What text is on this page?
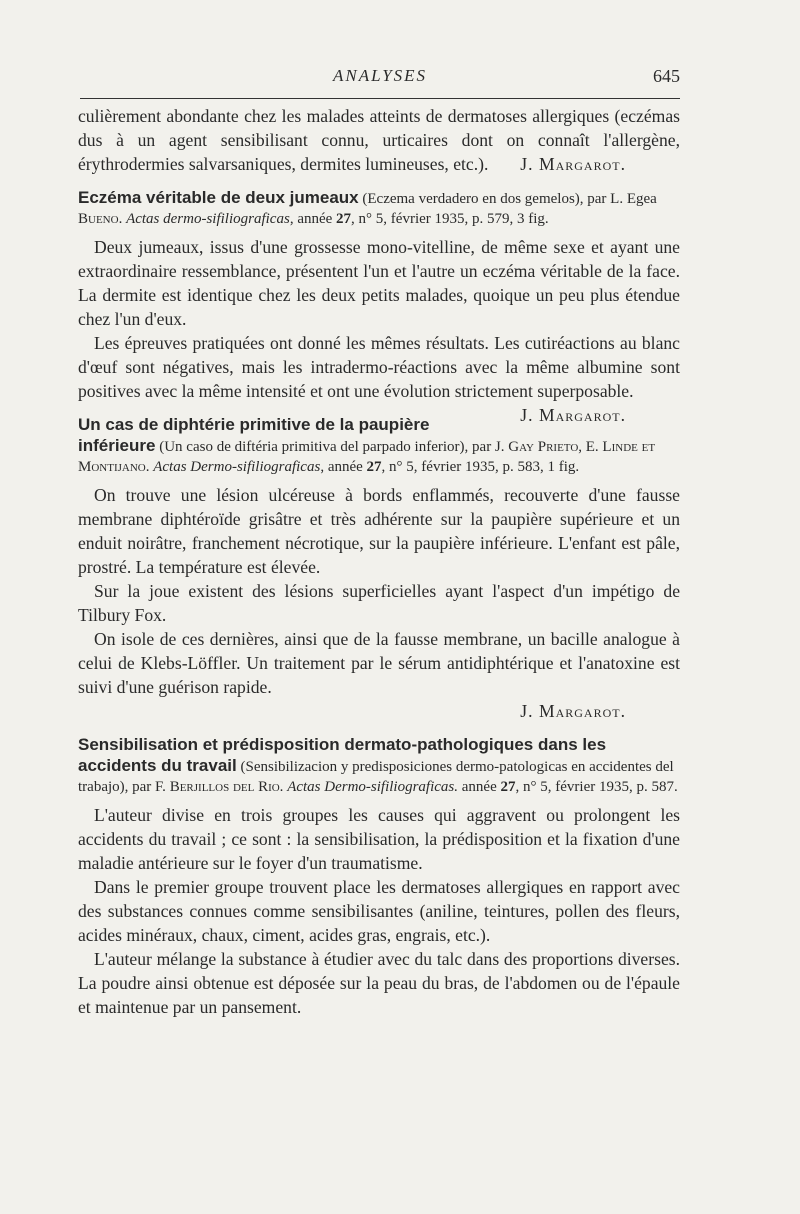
ANALYSES	645

culièrement abondante chez les malades atteints de dermatoses allergiques (eczémas dus à un agent sensibilisant connu, urticaires dont on connaît l'allergène, érythrodermies salvarsaniques, dermites lumineuses, etc.). J. Margarot.

Eczéma véritable de deux jumeaux (Eczema verdadero en dos gemelos), par L. Egea Bueno. Actas dermo-sifiliograficas, année 27, n° 5, février 1935, p. 579, 3 fig.

Deux jumeaux, issus d'une grossesse mono-vitelline, de même sexe et ayant une extraordinaire ressemblance, présentent l'un et l'autre un eczéma véritable de la face. La dermite est identique chez les deux petits malades, quoique un peu plus étendue chez l'un d'eux.

Les épreuves pratiquées ont donné les mêmes résultats. Les cutiréactions au blanc d'œuf sont négatives, mais les intradermo-réactions avec la même albumine sont positives avec la même intensité et ont une évolution strictement superposable.
J. Margarot.

Un cas de diphtérie primitive de la paupière inférieure (Un caso de diftéria primitiva del parpado inferior), par J. Gay Prieto, E. Linde et Montijano. Actas Dermo-sifiliograficas, année 27, n° 5, février 1935, p. 583, 1 fig.

On trouve une lésion ulcéreuse à bords enflammés, recouverte d'une fausse membrane diphtéroïde grisâtre et très adhérente sur la paupière supérieure et un enduit noirâtre, franchement nécrotique, sur la paupière inférieure. L'enfant est pâle, prostré. La température est élevée.

Sur la joue existent des lésions superficielles ayant l'aspect d'un impétigo de Tilbury Fox.

On isole de ces dernières, ainsi que de la fausse membrane, un bacille analogue à celui de Klebs-Löffler. Un traitement par le sérum antidiphtérique et l'anatoxine est suivi d'une guérison rapide.

J. Margarot.

Sensibilisation et prédisposition dermato-pathologiques dans les accidents du travail (Sensibilizacion y predisposiciones dermo-patologicas en accidentes del trabajo), par F. Berjillos del Rio. Actas Dermo-sifiliograficas. année 27, n° 5, février 1935, p. 587.

L'auteur divise en trois groupes les causes qui aggravent ou prolongent les accidents du travail ; ce sont : la sensibilisation, la prédisposition et la fixation d'une maladie antérieure sur le foyer d'un traumatisme.

Dans le premier groupe trouvent place les dermatoses allergiques en rapport avec des substances connues comme sensibilisantes (aniline, teintures, pollen des fleurs, acides minéraux, chaux, ciment, acides gras, engrais, etc.).

L'auteur mélange la substance à étudier avec du talc dans des proportions diverses. La poudre ainsi obtenue est déposée sur la peau du bras, de l'abdomen ou de l'épaule et maintenue par un pansement.
